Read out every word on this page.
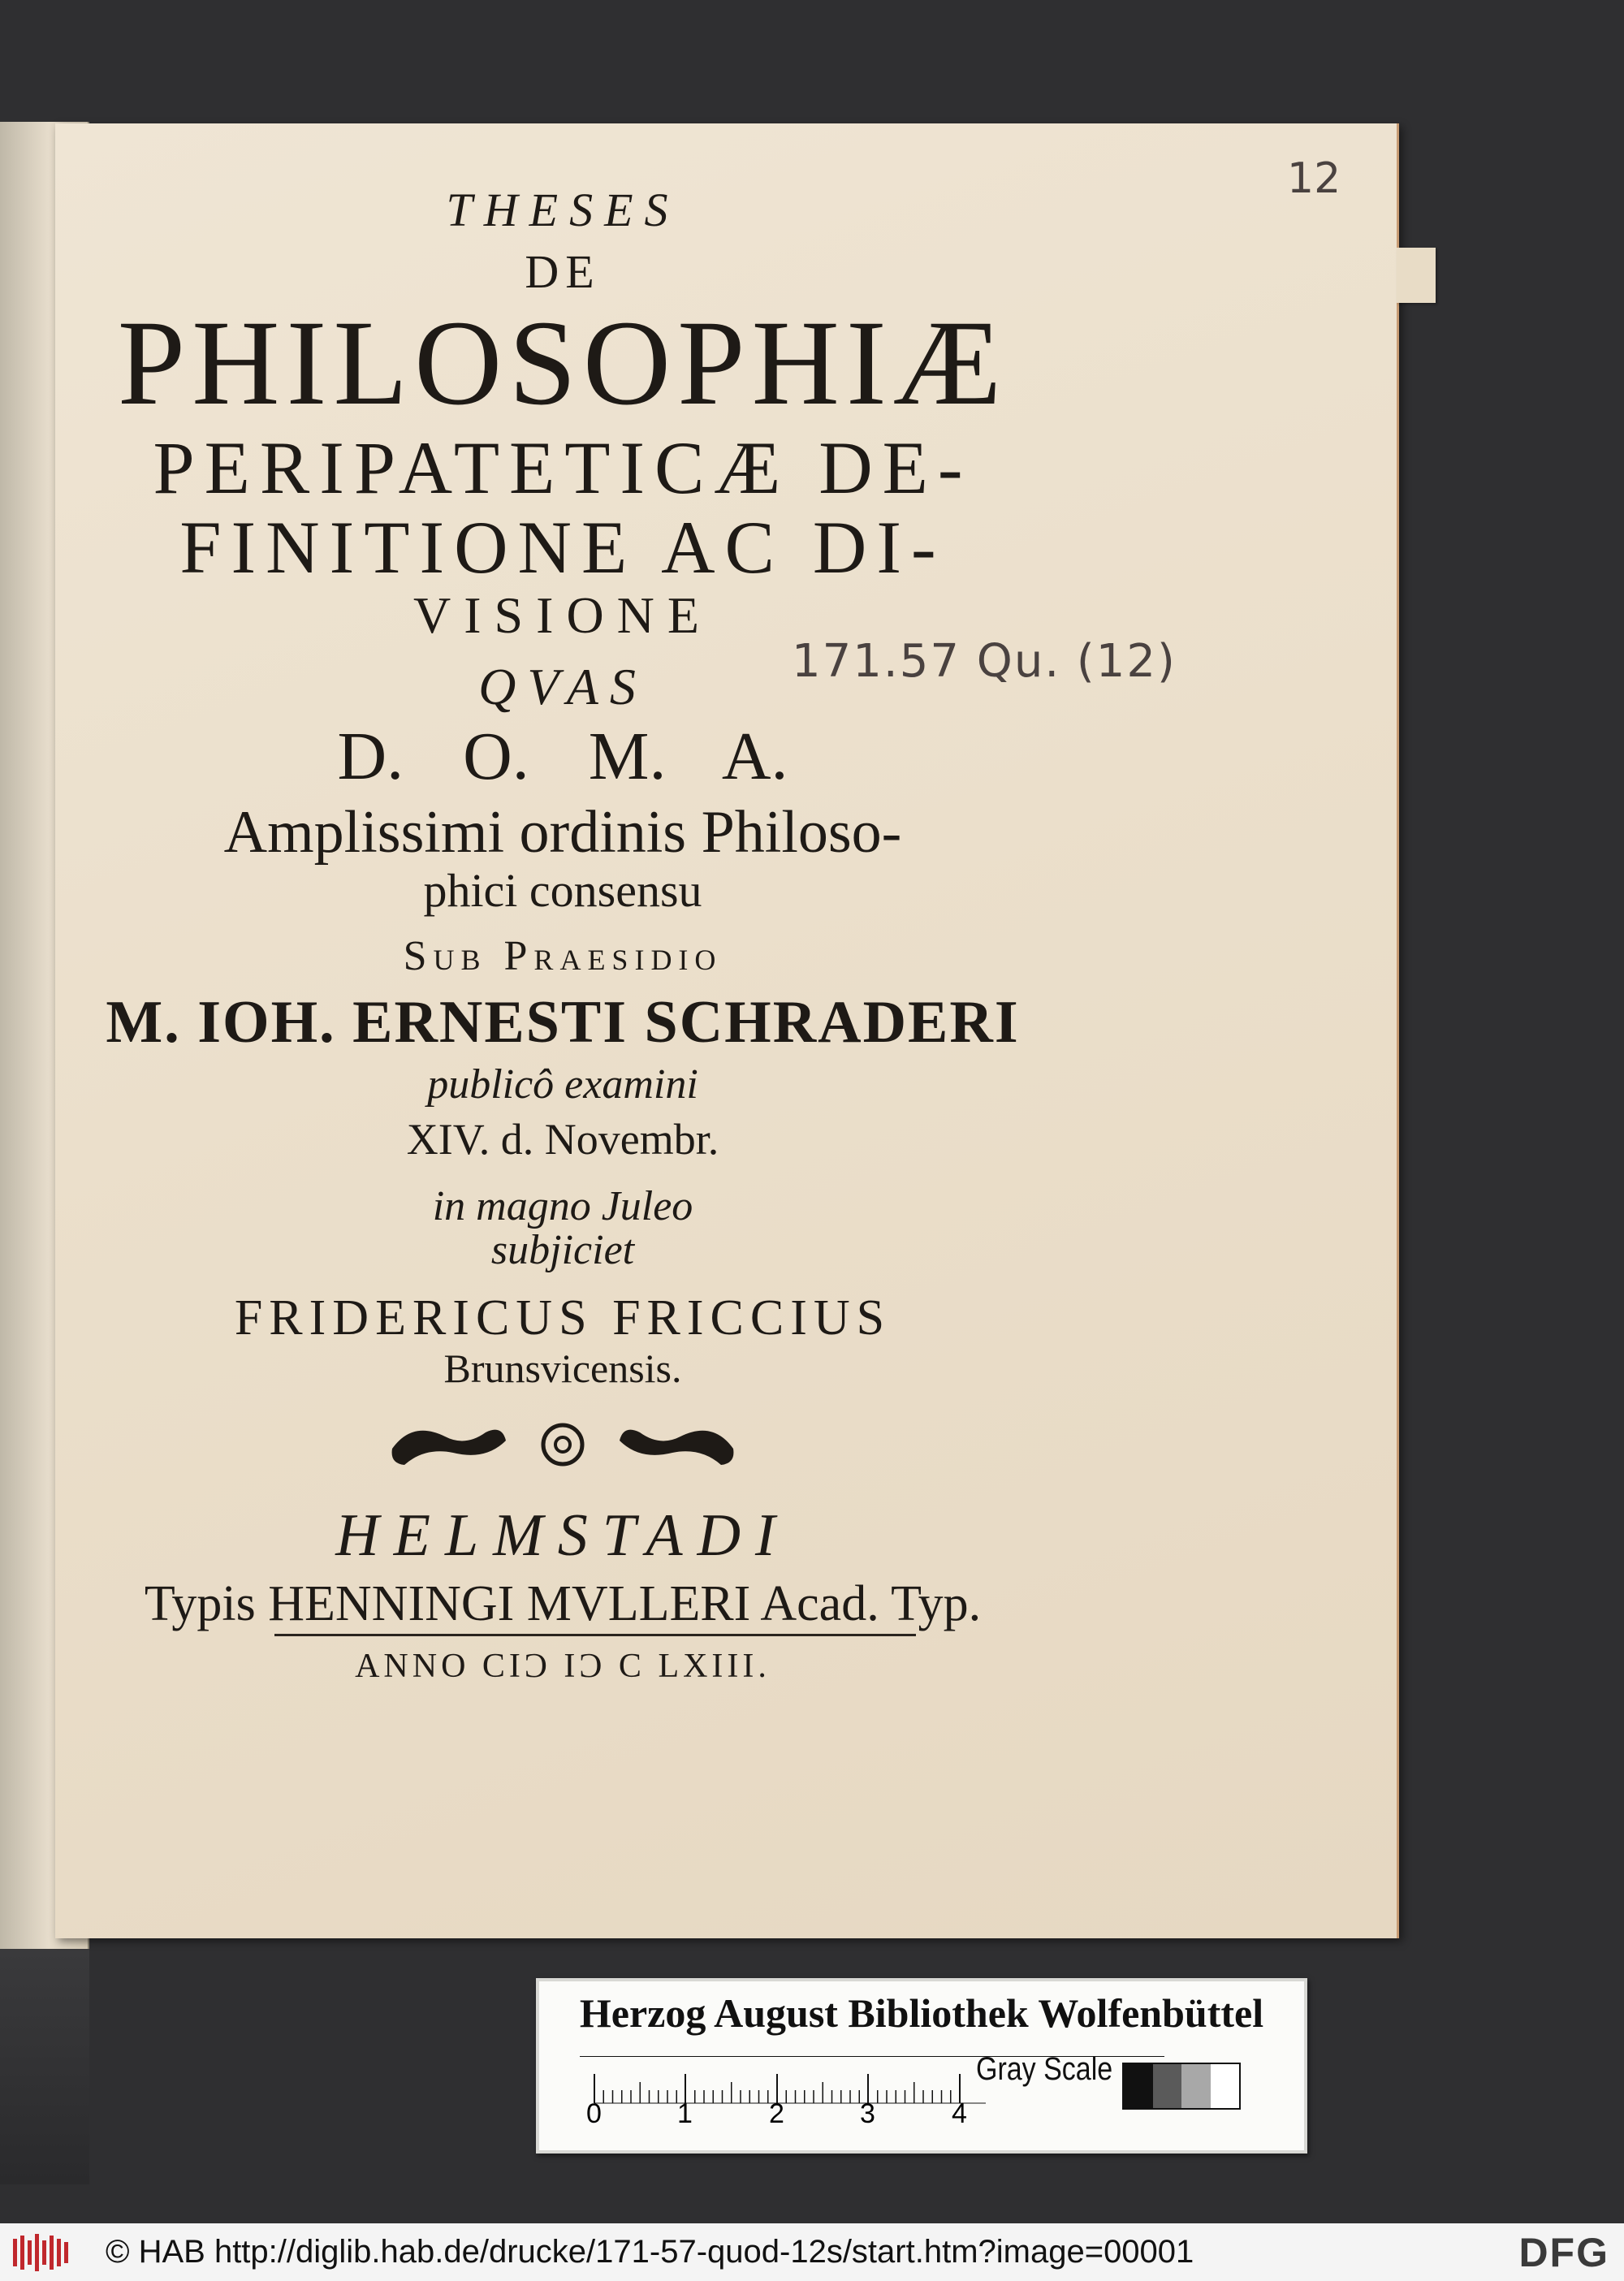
12
171.57 Qu. (12)
THESES
DE
PHILOSOPHIÆ
PERIPATETICÆ DE-
FINITIONE AC DI-
VISIONE
QVAS
D. O. M. A.
Amplissimi ordinis Philoso-
phici consensu
Sub Praesidio
M. IOH. ERNESTI SCHRADERI
publicô examini
XIV. d. Novembr.
in magno Juleo
subjiciet
FRIDERICUS FRICCIUS
Brunsvicensis.
HELMSTADI
Typis HENNINGI MVLLERI Acad. Typ.
ANNO CIϽ IϽ C LXIII.
Herzog August Bibliothek Wolfenbüttel
0	1	2	3	4
Gray Scale
© HAB http://diglib.hab.de/drucke/171-57-quod-12s/start.htm?image=00001	DFG
